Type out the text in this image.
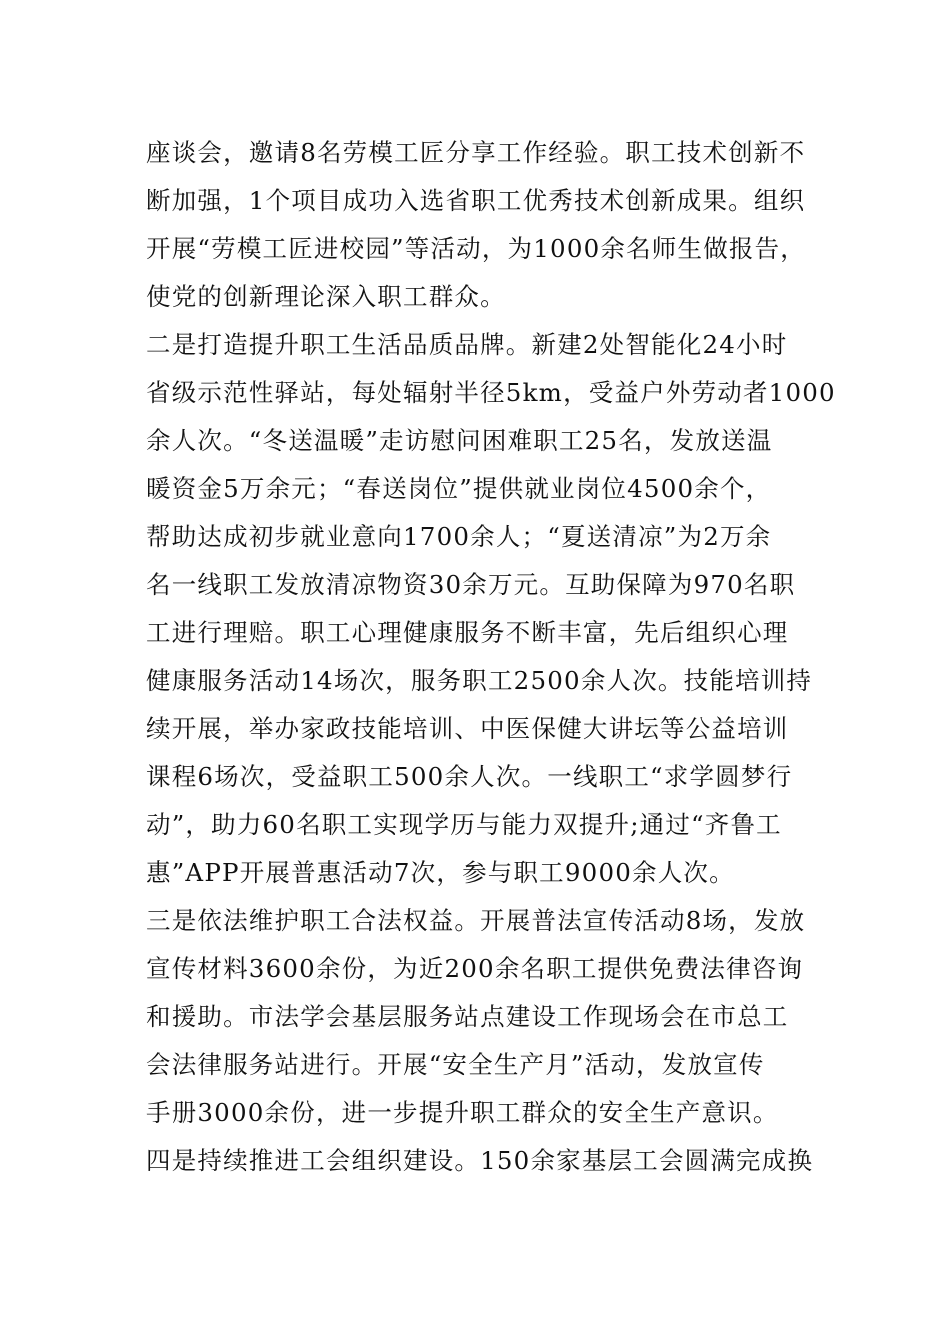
座谈会，邀请8名劳模工匠分享工作经验。职工技术创新不
断加强，1个项目成功入选省职工优秀技术创新成果。组织
开展“劳模工匠进校园”等活动，为1000余名师生做报告，
使党的创新理论深入职工群众。
二是打造提升职工生活品质品牌。新建2处智能化24小时
省级示范性驿站，每处辐射半径5km，受益户外劳动者1000
余人次。“冬送温暖”走访慰问困难职工25名，发放送温
暖资金5万余元；“春送岗位”提供就业岗位4500余个，
帮助达成初步就业意向1700余人；“夏送清凉”为2万余
名一线职工发放清凉物资30余万元。互助保障为970名职
工进行理赔。职工心理健康服务不断丰富，先后组织心理
健康服务活动14场次，服务职工2500余人次。技能培训持
续开展，举办家政技能培训、中医保健大讲坛等公益培训
课程6场次，受益职工500余人次。一线职工“求学圆梦行
动”，助力60名职工实现学历与能力双提升;通过“齐鲁工
惠”APP开展普惠活动7次，参与职工9000余人次。
三是依法维护职工合法权益。开展普法宣传活动8场，发放
宣传材料3600余份，为近200余名职工提供免费法律咨询
和援助。市法学会基层服务站点建设工作现场会在市总工
会法律服务站进行。开展“安全生产月”活动，发放宣传
手册3000余份，进一步提升职工群众的安全生产意识。
四是持续推进工会组织建设。150余家基层工会圆满完成换
